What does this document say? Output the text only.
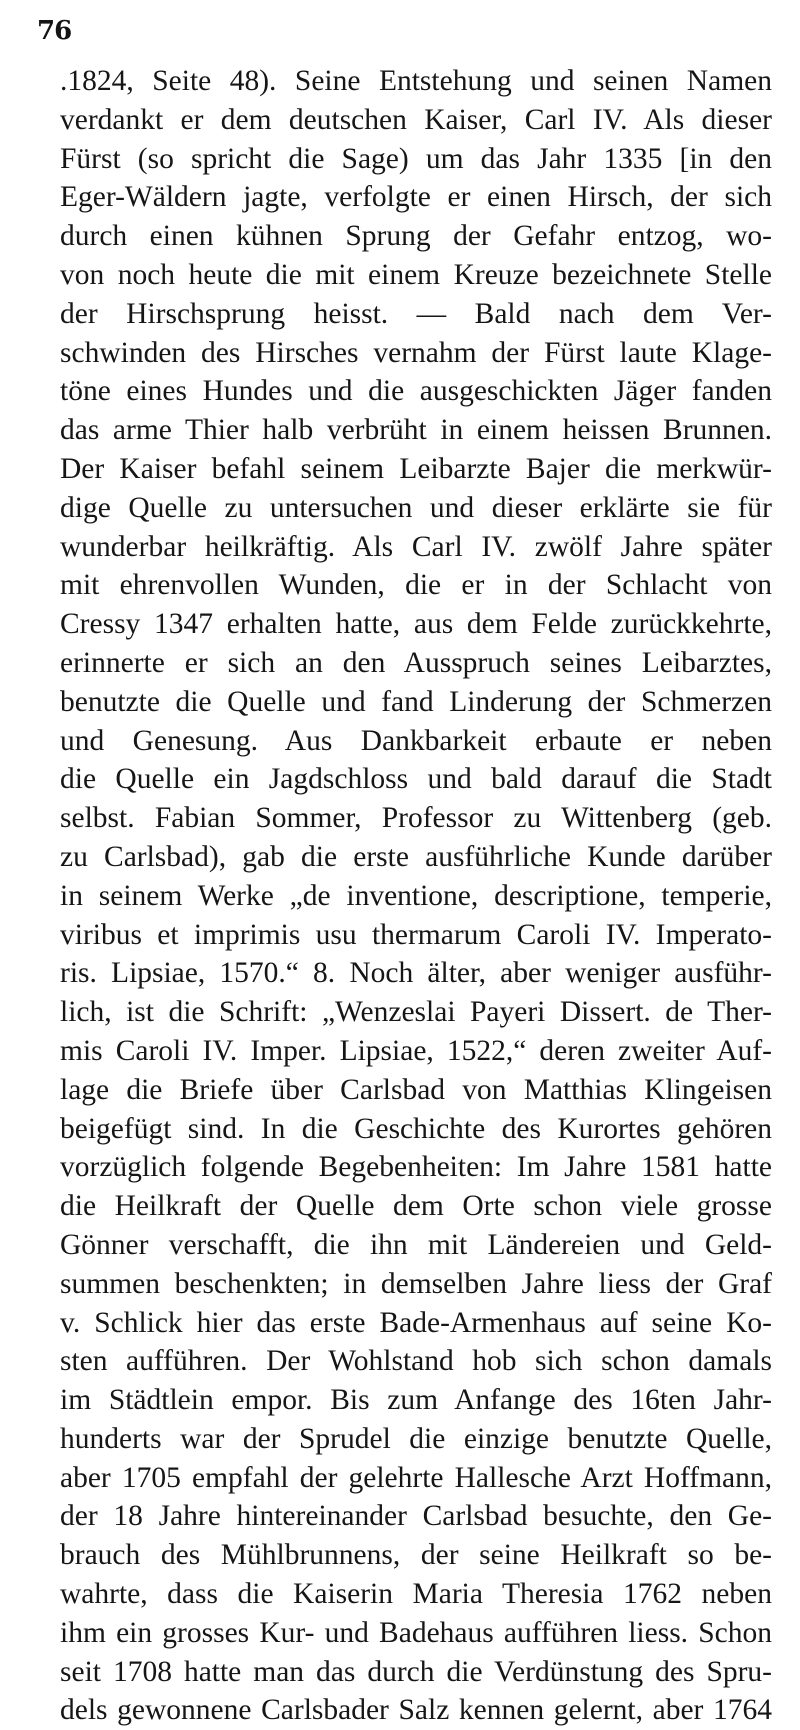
76
.1824, Seite 48). Seine Entstehung und seinen Namen
verdankt er dem deutschen Kaiser, Carl IV. Als dieser
Fürst (so spricht die Sage) um das Jahr 1335 [in den
Eger-Wäldern jagte, verfolgte er einen Hirsch, der sich
durch einen kühnen Sprung der Gefahr entzog, wo-
von noch heute die mit einem Kreuze bezeichnete Stelle
der Hirschsprung heisst. — Bald nach dem Ver-
schwinden des Hirsches vernahm der Fürst laute Klage-
töne eines Hundes und die ausgeschickten Jäger fanden
das arme Thier halb verbrüht in einem heissen Brunnen.
Der Kaiser befahl seinem Leibarzte Bajer die merkwür-
dige Quelle zu untersuchen und dieser erklärte sie für
wunderbar heilkräftig. Als Carl IV. zwölf Jahre später
mit ehrenvollen Wunden, die er in der Schlacht von
Cressy 1347 erhalten hatte, aus dem Felde zurückkehrte,
erinnerte er sich an den Ausspruch seines Leibarztes,
benutzte die Quelle und fand Linderung der Schmerzen
und Genesung. Aus Dankbarkeit erbaute er neben
die Quelle ein Jagdschloss und bald darauf die Stadt
selbst. Fabian Sommer, Professor zu Wittenberg (geb.
zu Carlsbad), gab die erste ausführliche Kunde darüber
in seinem Werke „de inventione, descriptione, temperie,
viribus et imprimis usu thermarum Caroli IV. Imperato-
ris. Lipsiae, 1570.“ 8. Noch älter, aber weniger ausführ-
lich, ist die Schrift: „Wenzeslai Payeri Dissert. de Ther-
mis Caroli IV. Imper. Lipsiae, 1522,“ deren zweiter Auf-
lage die Briefe über Carlsbad von Matthias Klingeisen
beigefügt sind. In die Geschichte des Kurortes gehören
vorzüglich folgende Begebenheiten: Im Jahre 1581 hatte
die Heilkraft der Quelle dem Orte schon viele grosse
Gönner verschafft, die ihn mit Ländereien und Geld-
summen beschenkten; in demselben Jahre liess der Graf
v. Schlick hier das erste Bade-Armenhaus auf seine Ko-
sten aufführen. Der Wohlstand hob sich schon damals
im Städtlein empor. Bis zum Anfange des 16ten Jahr-
hunderts war der Sprudel die einzige benutzte Quelle,
aber 1705 empfahl der gelehrte Hallesche Arzt Hoffmann,
der 18 Jahre hintereinander Carlsbad besuchte, den Ge-
brauch des Mühlbrunnens, der seine Heilkraft so be-
wahrte, dass die Kaiserin Maria Theresia 1762 neben
ihm ein grosses Kur- und Badehaus aufführen liess. Schon
seit 1708 hatte man das durch die Verdünstung des Spru-
dels gewonnene Carlsbader Salz kennen gelernt, aber 1764
